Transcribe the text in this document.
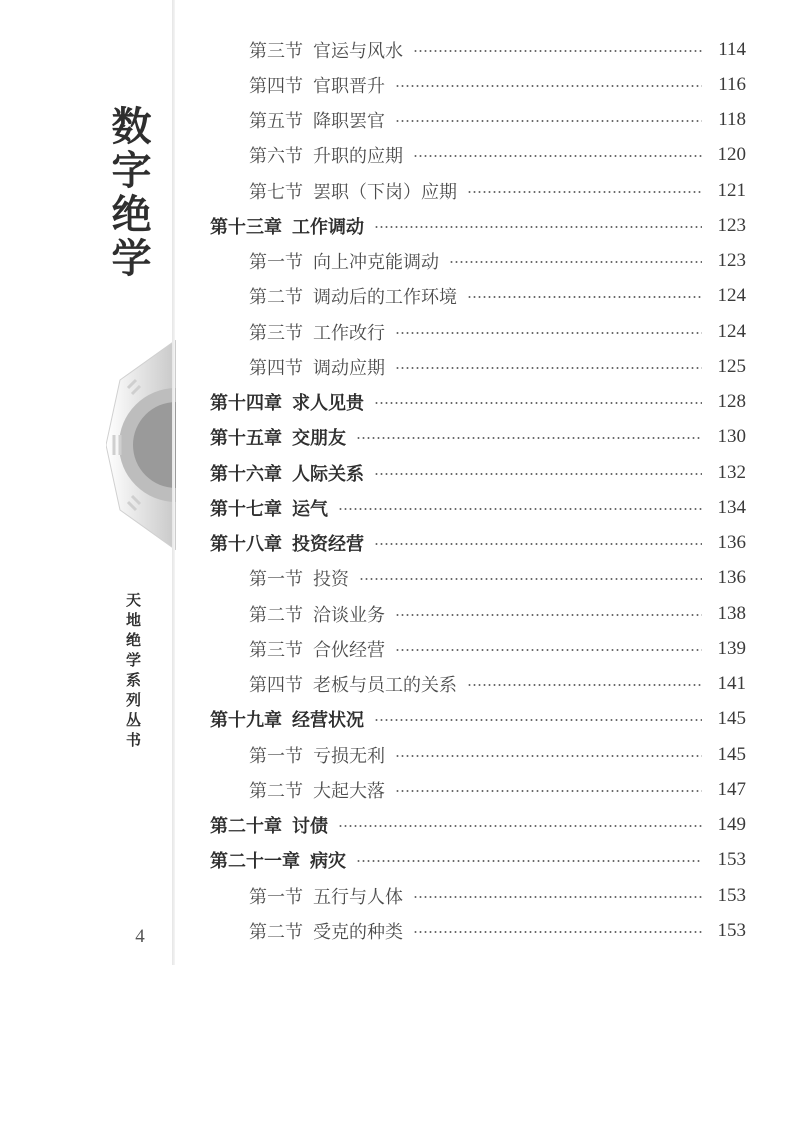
数字绝学
天地绝学系列丛书
4
第三节 官运与风水	114
第四节 官职晋升	116
第五节 降职罢官	118
第六节 升职的应期	120
第七节 罢职（下岗）应期	121
第十三章 工作调动	123
第一节 向上冲克能调动	123
第二节 调动后的工作环境	124
第三节 工作改行	124
第四节 调动应期	125
第十四章 求人见贵	128
第十五章 交朋友	130
第十六章 人际关系	132
第十七章 运气	134
第十八章 投资经营	136
第一节 投资	136
第二节 洽谈业务	138
第三节 合伙经营	139
第四节 老板与员工的关系	141
第十九章 经营状况	145
第一节 亏损无利	145
第二节 大起大落	147
第二十章 讨债	149
第二十一章 病灾	153
第一节 五行与人体	153
第二节 受克的种类	153
